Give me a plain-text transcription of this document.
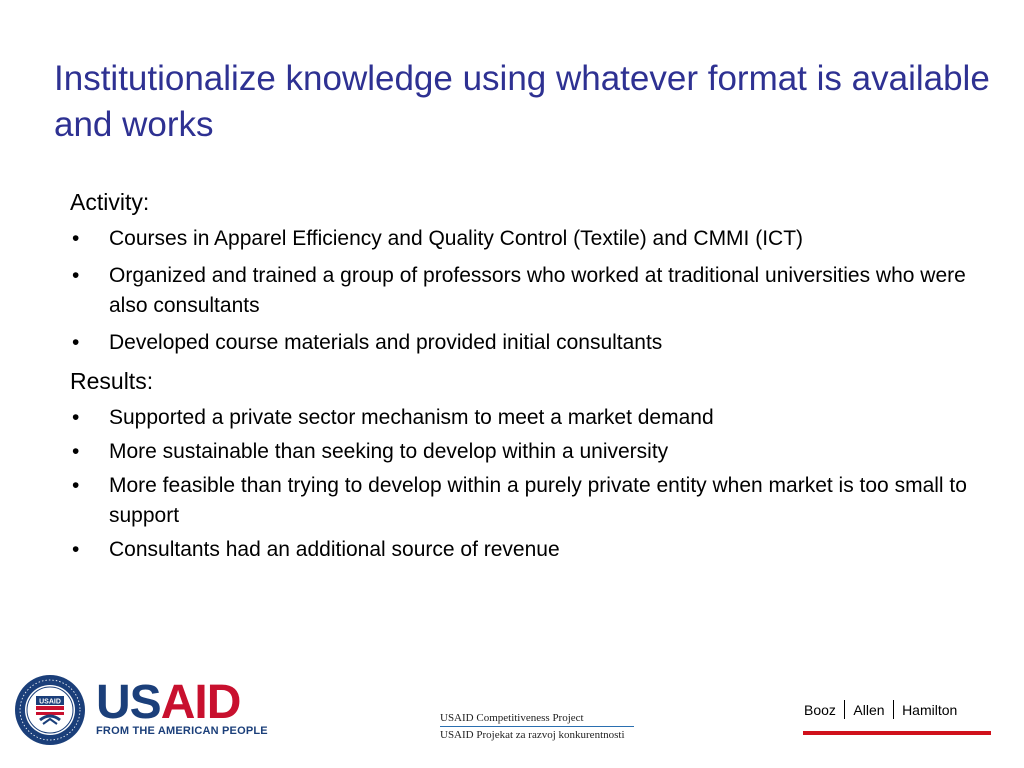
Institutionalize knowledge using whatever format is available and works
Activity:
• Courses in Apparel Efficiency and Quality Control (Textile) and CMMI (ICT)
• Organized and trained a group of professors who worked at traditional universities who were also consultants
• Developed course materials and provided initial consultants
Results:
• Supported a private sector mechanism to meet a market demand
• More sustainable than seeking to develop within a university
• More feasible than trying to develop within a purely private entity when market is too small to support
• Consultants had an additional source of revenue
USAID USAID
FROM THE AMERICAN PEOPLE
USAID Competitiveness Project
USAID Projekat za razvoj konkurentnosti
Booz Allen Hamilton
